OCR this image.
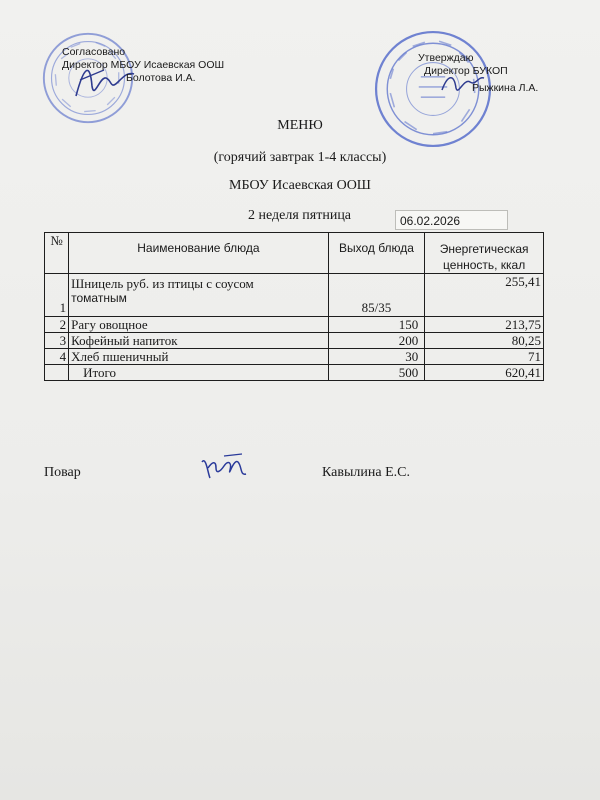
Согласовано
Директор МБОУ Исаевская ООШ
Болотова И.А.
Утверждаю
Директор БУКОП
Рыжкина Л.А.
МЕНЮ
(горячий завтрак 1-4 классы)
МБОУ Исаевская ООШ
2 неделя пятница	06.02.2026
№	Наименование блюда	Выход блюда	Энергетическая
ценность, ккал
1	Шницель руб. из птицы с соусом
томатным	85/35	255,41
2	Рагу овощное	150	213,75
3	Кофейный напиток	200	80,25
4	Хлеб пшеничный	30	71
	Итого	500	620,41
Повар	Кавылина Е.С.
